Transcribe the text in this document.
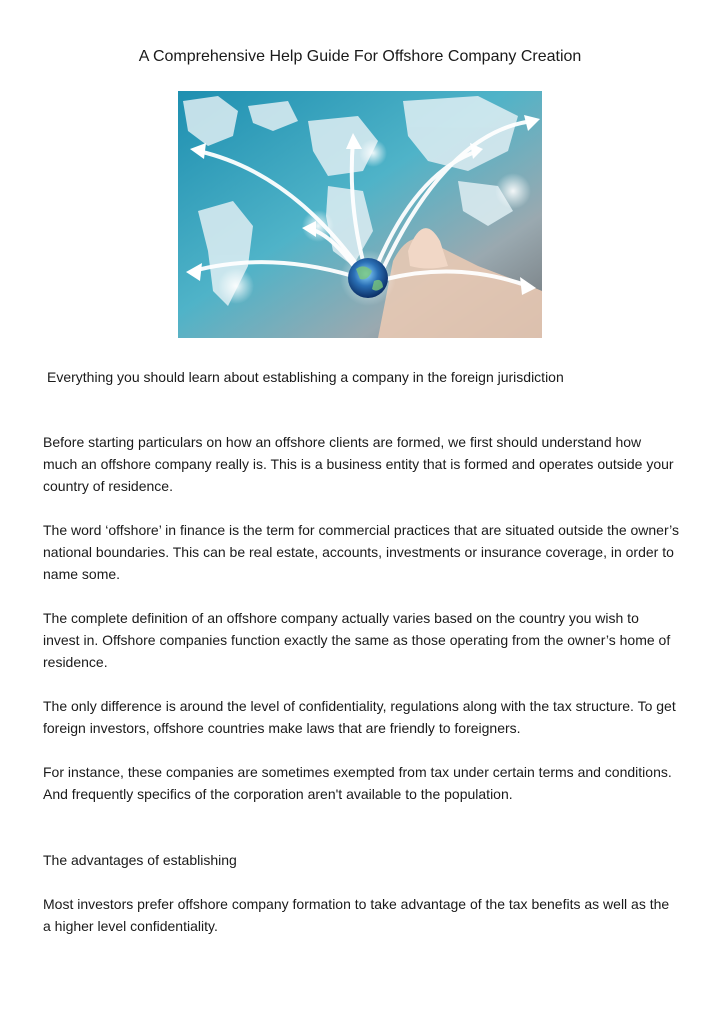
A Comprehensive Help Guide For Offshore Company Creation
Everything you should learn about establishing a company in the foreign jurisdiction

Before starting particulars on how an offshore clients are formed, we first should understand how much an offshore company really is. This is a business entity that is formed and operates outside your country of residence.

The word ‘offshore’ in finance is the term for commercial practices that are situated outside the owner’s national boundaries. This can be real estate, accounts, investments or insurance coverage, in order to name some.

The complete definition of an offshore company actually varies based on the country you wish to invest in. Offshore companies function exactly the same as those operating from the owner’s home of residence.

The only difference is around the level of confidentiality, regulations along with the tax structure. To get foreign investors, offshore countries make laws that are friendly to foreigners.

For instance, these companies are sometimes exempted from tax under certain terms and conditions. And frequently specifics of the corporation aren't available to the population.

The advantages of establishing

Most investors prefer offshore company formation to take advantage of the tax benefits as well as the a higher level confidentiality.
